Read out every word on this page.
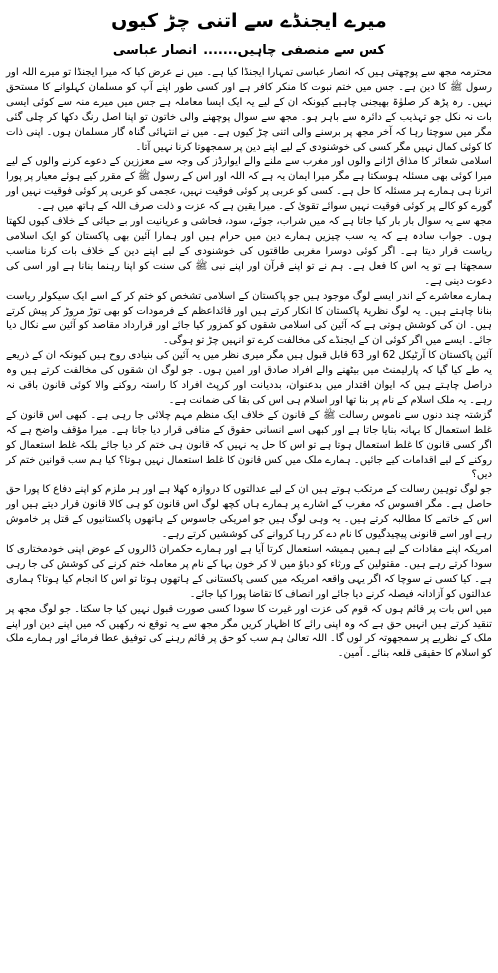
میرے ایجنڈے سے اتنی چڑ کیوں
کس سے منصفی چاہیں....... انصار عباسی

محترمہ مجھ سے پوچھتی ہیں کہ انصار عباسی تمہارا ایجنڈا کیا ہے۔ میں نے عرض کیا کہ میرا ایجنڈا تو میرے اللہ اور رسول ﷺ کا دین ہے۔ جس میں ختم نبوت کا منکر کافر ہے اور کسی طور اپنے آپ کو مسلمان کہلوانے کا مستحق نہیں۔ رہ پڑھ کر صلوٰۃ بھیجنی چاہیے کیونکہ ان کے لیے یہ ایک ایسا معاملہ ہے جس میں میرے منہ سے کوئی ایسی بات نہ نکل جو تہذیب کے دائرہ سے باہر ہو۔ مجھ سے سوال پوچھنے والی خاتون تو اپنا اصل رنگ دکھا کر چلی گئی مگر میں سوچتا رہا کہ آخر مجھ پر برسنے والی اتنی چڑ کیوں ہے۔ میں نے انتہائی گناہ گار مسلمان ہوں۔ اپنی ذات کا کوئی کمال نہیں مگر کسی کی خوشنودی کے لیے اپنے دین پر سمجھوتا کرنا نہیں آتا۔

اسلامی شعائر کا مذاق اڑانے والوں اور مغرب سے ملنے والے ایوارڈز کی وجہ سے معززین کے دعوے کرنے والوں کے لیے میرا کوئی بھی مسئلہ ہوسکتا ہے مگر میرا ایمان یہ ہے کہ اللہ اور اس کے رسول ﷺ کے مقرر کیے ہوئے معیار پر پورا اترنا ہی ہمارے ہر مسئلہ کا حل ہے۔ کسی کو عربی پر کوئی فوقیت نہیں، عجمی کو عربی پر کوئی فوقیت نہیں اور گورے کو کالے پر کوئی فوقیت نہیں سوائے تقویٰ کے۔ میرا یقین ہے کہ عزت و ذلت صرف اللہ کے ہاتھ میں ہے۔

مجھ سے یہ سوال بار بار کیا جاتا ہے کہ میں شراب، جوئے، سود، فحاشی و عریانیت اور بے حیائی کے خلاف کیوں لکھتا ہوں۔ جواب سادہ ہے کہ یہ سب چیزیں ہمارے دین میں حرام ہیں اور ہمارا آئین بھی پاکستان کو ایک اسلامی ریاست قرار دیتا ہے۔ اگر کوئی دوسرا مغربی طاقتوں کی خوشنودی کے لیے اپنے دین کے خلاف بات کرنا مناسب سمجھتا ہے تو یہ اس کا فعل ہے۔ ہم نے تو اپنے قرآن اور اپنے نبی ﷺ کی سنت کو اپنا رہنما بنانا ہے اور اسی کی دعوت دینی ہے۔

ہمارے معاشرے کے اندر ایسے لوگ موجود ہیں جو پاکستان کے اسلامی تشخص کو ختم کر کے اسے ایک سیکولر ریاست بنانا چاہتے ہیں۔ یہ لوگ نظریۂ پاکستان کا انکار کرتے ہیں اور قائداعظم کے فرمودات کو بھی توڑ مروڑ کر پیش کرتے ہیں۔ ان کی کوشش ہوتی ہے کہ آئین کی اسلامی شقوں کو کمزور کیا جائے اور قرارداد مقاصد کو آئین سے نکال دیا جائے۔ ایسے میں اگر کوئی ان کے ایجنڈے کی مخالفت کرے تو انہیں چڑ تو ہوگی۔

آئین پاکستان کا آرٹیکل 62 اور 63 قابل قبول ہیں مگر میری نظر میں یہ آئین کی بنیادی روح ہیں کیونکہ ان کے ذریعے یہ طے کیا گیا کہ پارلیمنٹ میں بیٹھنے والے افراد صادق اور امین ہوں۔ جو لوگ ان شقوں کی مخالفت کرتے ہیں وہ دراصل چاہتے ہیں کہ ایوان اقتدار میں بدعنوان، بددیانت اور کرپٹ افراد کا راستہ روکنے والا کوئی قانون باقی نہ رہے۔ یہ ملک اسلام کے نام پر بنا تھا اور اسلام ہی اس کی بقا کی ضمانت ہے۔

گزشتہ چند دنوں سے ناموس رسالت ﷺ کے قانون کے خلاف ایک منظم مہم چلائی جا رہی ہے۔ کبھی اس قانون کے غلط استعمال کا بہانہ بنایا جاتا ہے اور کبھی اسے انسانی حقوق کے منافی قرار دیا جاتا ہے۔ میرا مؤقف واضح ہے کہ اگر کسی قانون کا غلط استعمال ہوتا ہے تو اس کا حل یہ نہیں کہ قانون ہی ختم کر دیا جائے بلکہ غلط استعمال کو روکنے کے لیے اقدامات کیے جائیں۔ ہمارے ملک میں کس قانون کا غلط استعمال نہیں ہوتا؟ کیا ہم سب قوانین ختم کر دیں؟

جو لوگ توہین رسالت کے مرتکب ہوتے ہیں ان کے لیے عدالتوں کا دروازہ کھلا ہے اور ہر ملزم کو اپنے دفاع کا پورا حق حاصل ہے۔ مگر افسوس کہ مغرب کے اشارے پر ہمارے ہاں کچھ لوگ اس قانون کو ہی کالا قانون قرار دیتے ہیں اور اس کے خاتمے کا مطالبہ کرتے ہیں۔ یہ وہی لوگ ہیں جو امریکی جاسوس کے ہاتھوں پاکستانیوں کے قتل پر خاموش رہے اور اسے قانونی پیچیدگیوں کا نام دے کر رہا کروانے کی کوششیں کرتے رہے۔

امریکہ اپنے مفادات کے لیے ہمیں ہمیشہ استعمال کرتا آیا ہے اور ہمارے حکمران ڈالروں کے عوض اپنی خودمختاری کا سودا کرتے رہے ہیں۔ مقتولین کے ورثاء کو دباؤ میں لا کر خون بہا کے نام پر معاملہ ختم کرنے کی کوشش کی جا رہی ہے۔ کیا کسی نے سوچا کہ اگر یہی واقعہ امریکہ میں کسی پاکستانی کے ہاتھوں ہوتا تو اس کا انجام کیا ہوتا؟ ہماری عدالتوں کو آزادانہ فیصلہ کرنے دیا جائے اور انصاف کا تقاضا پورا کیا جائے۔

میں اس بات پر قائم ہوں کہ قوم کی عزت اور غیرت کا سودا کسی صورت قبول نہیں کیا جا سکتا۔ جو لوگ مجھ پر تنقید کرتے ہیں انہیں حق ہے کہ وہ اپنی رائے کا اظہار کریں مگر مجھ سے یہ توقع نہ رکھیں کہ میں اپنے دین اور اپنے ملک کے نظریے پر سمجھوتہ کر لوں گا۔ اللہ تعالیٰ ہم سب کو حق پر قائم رہنے کی توفیق عطا فرمائے اور ہمارے ملک کو اسلام کا حقیقی قلعہ بنائے۔ آمین۔
